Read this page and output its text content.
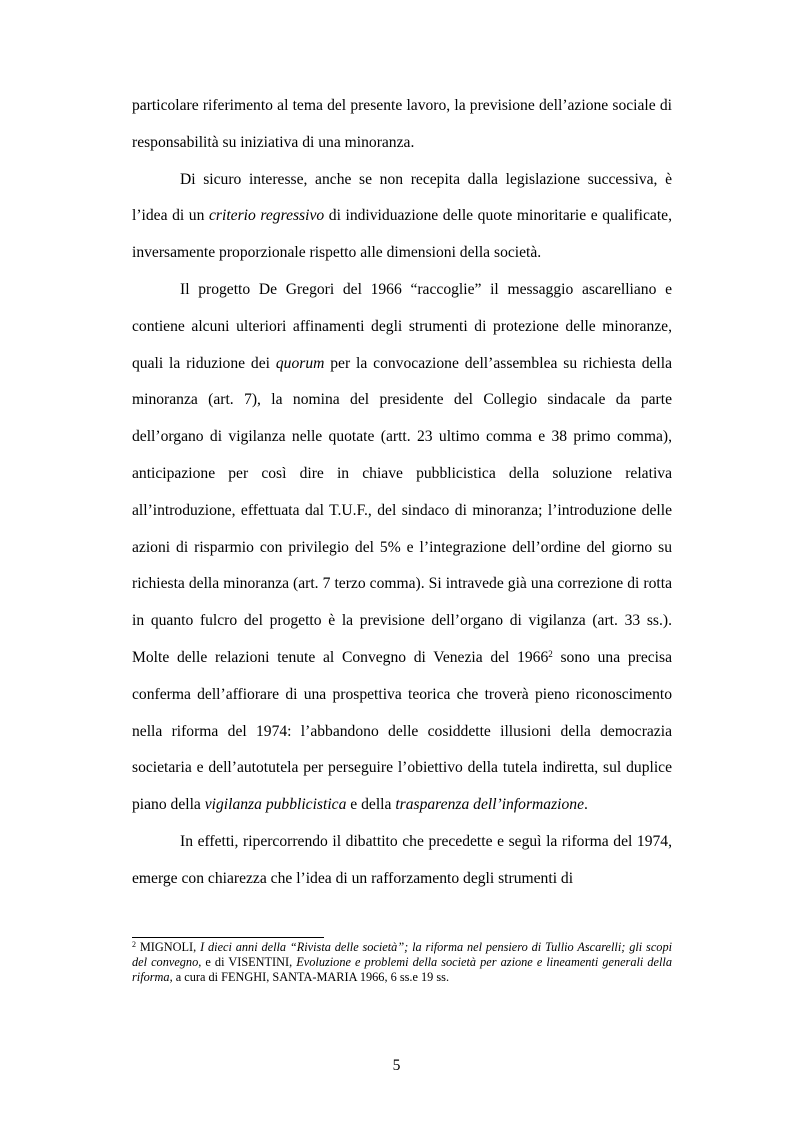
particolare riferimento al tema del presente lavoro, la previsione dell’azione sociale di responsabilità su iniziativa di una minoranza.

Di sicuro interesse, anche se non recepita dalla legislazione successiva, è l’idea di un criterio regressivo di individuazione delle quote minoritarie e qualificate, inversamente proporzionale rispetto alle dimensioni della società.

Il progetto De Gregori del 1966 “raccoglie” il messaggio ascarelliano e contiene alcuni ulteriori affinamenti degli strumenti di protezione delle minoranze, quali la riduzione dei quorum per la convocazione dell’assemblea su richiesta della minoranza (art. 7), la nomina del presidente del Collegio sindacale da parte dell’organo di vigilanza nelle quotate (artt. 23 ultimo comma e 38 primo comma), anticipazione per così dire in chiave pubblicistica della soluzione relativa all’introduzione, effettuata dal T.U.F., del sindaco di minoranza; l’introduzione delle azioni di risparmio con privilegio del 5% e l’integrazione dell’ordine del giorno su richiesta della minoranza (art. 7 terzo comma). Si intravede già una correzione di rotta in quanto fulcro del progetto è la previsione dell’organo di vigilanza (art. 33 ss.). Molte delle relazioni tenute al Convegno di Venezia del 1966$^2$ sono una precisa conferma dell’affiorare di una prospettiva teorica che troverà pieno riconoscimento nella riforma del 1974: l’abbandono delle cosiddette illusioni della democrazia societaria e dell’autotutela per perseguire l’obiettivo della tutela indiretta, sul duplice piano della vigilanza pubblicistica e della trasparenza dell’informazione.

In effetti, ripercorrendo il dibattito che precedette e seguì la riforma del 1974, emerge con chiarezza che l’idea di un rafforzamento degli strumenti di

$^2$ MIGNOLI, I dieci anni della “Rivista delle società”; la riforma nel pensiero di Tullio Ascarelli; gli scopi del convegno, e di VISENTINI, Evoluzione e problemi della società per azione e lineamenti generali della riforma, a cura di FENGHI, SANTA-MARIA 1966, 6 ss.e 19 ss.

5
